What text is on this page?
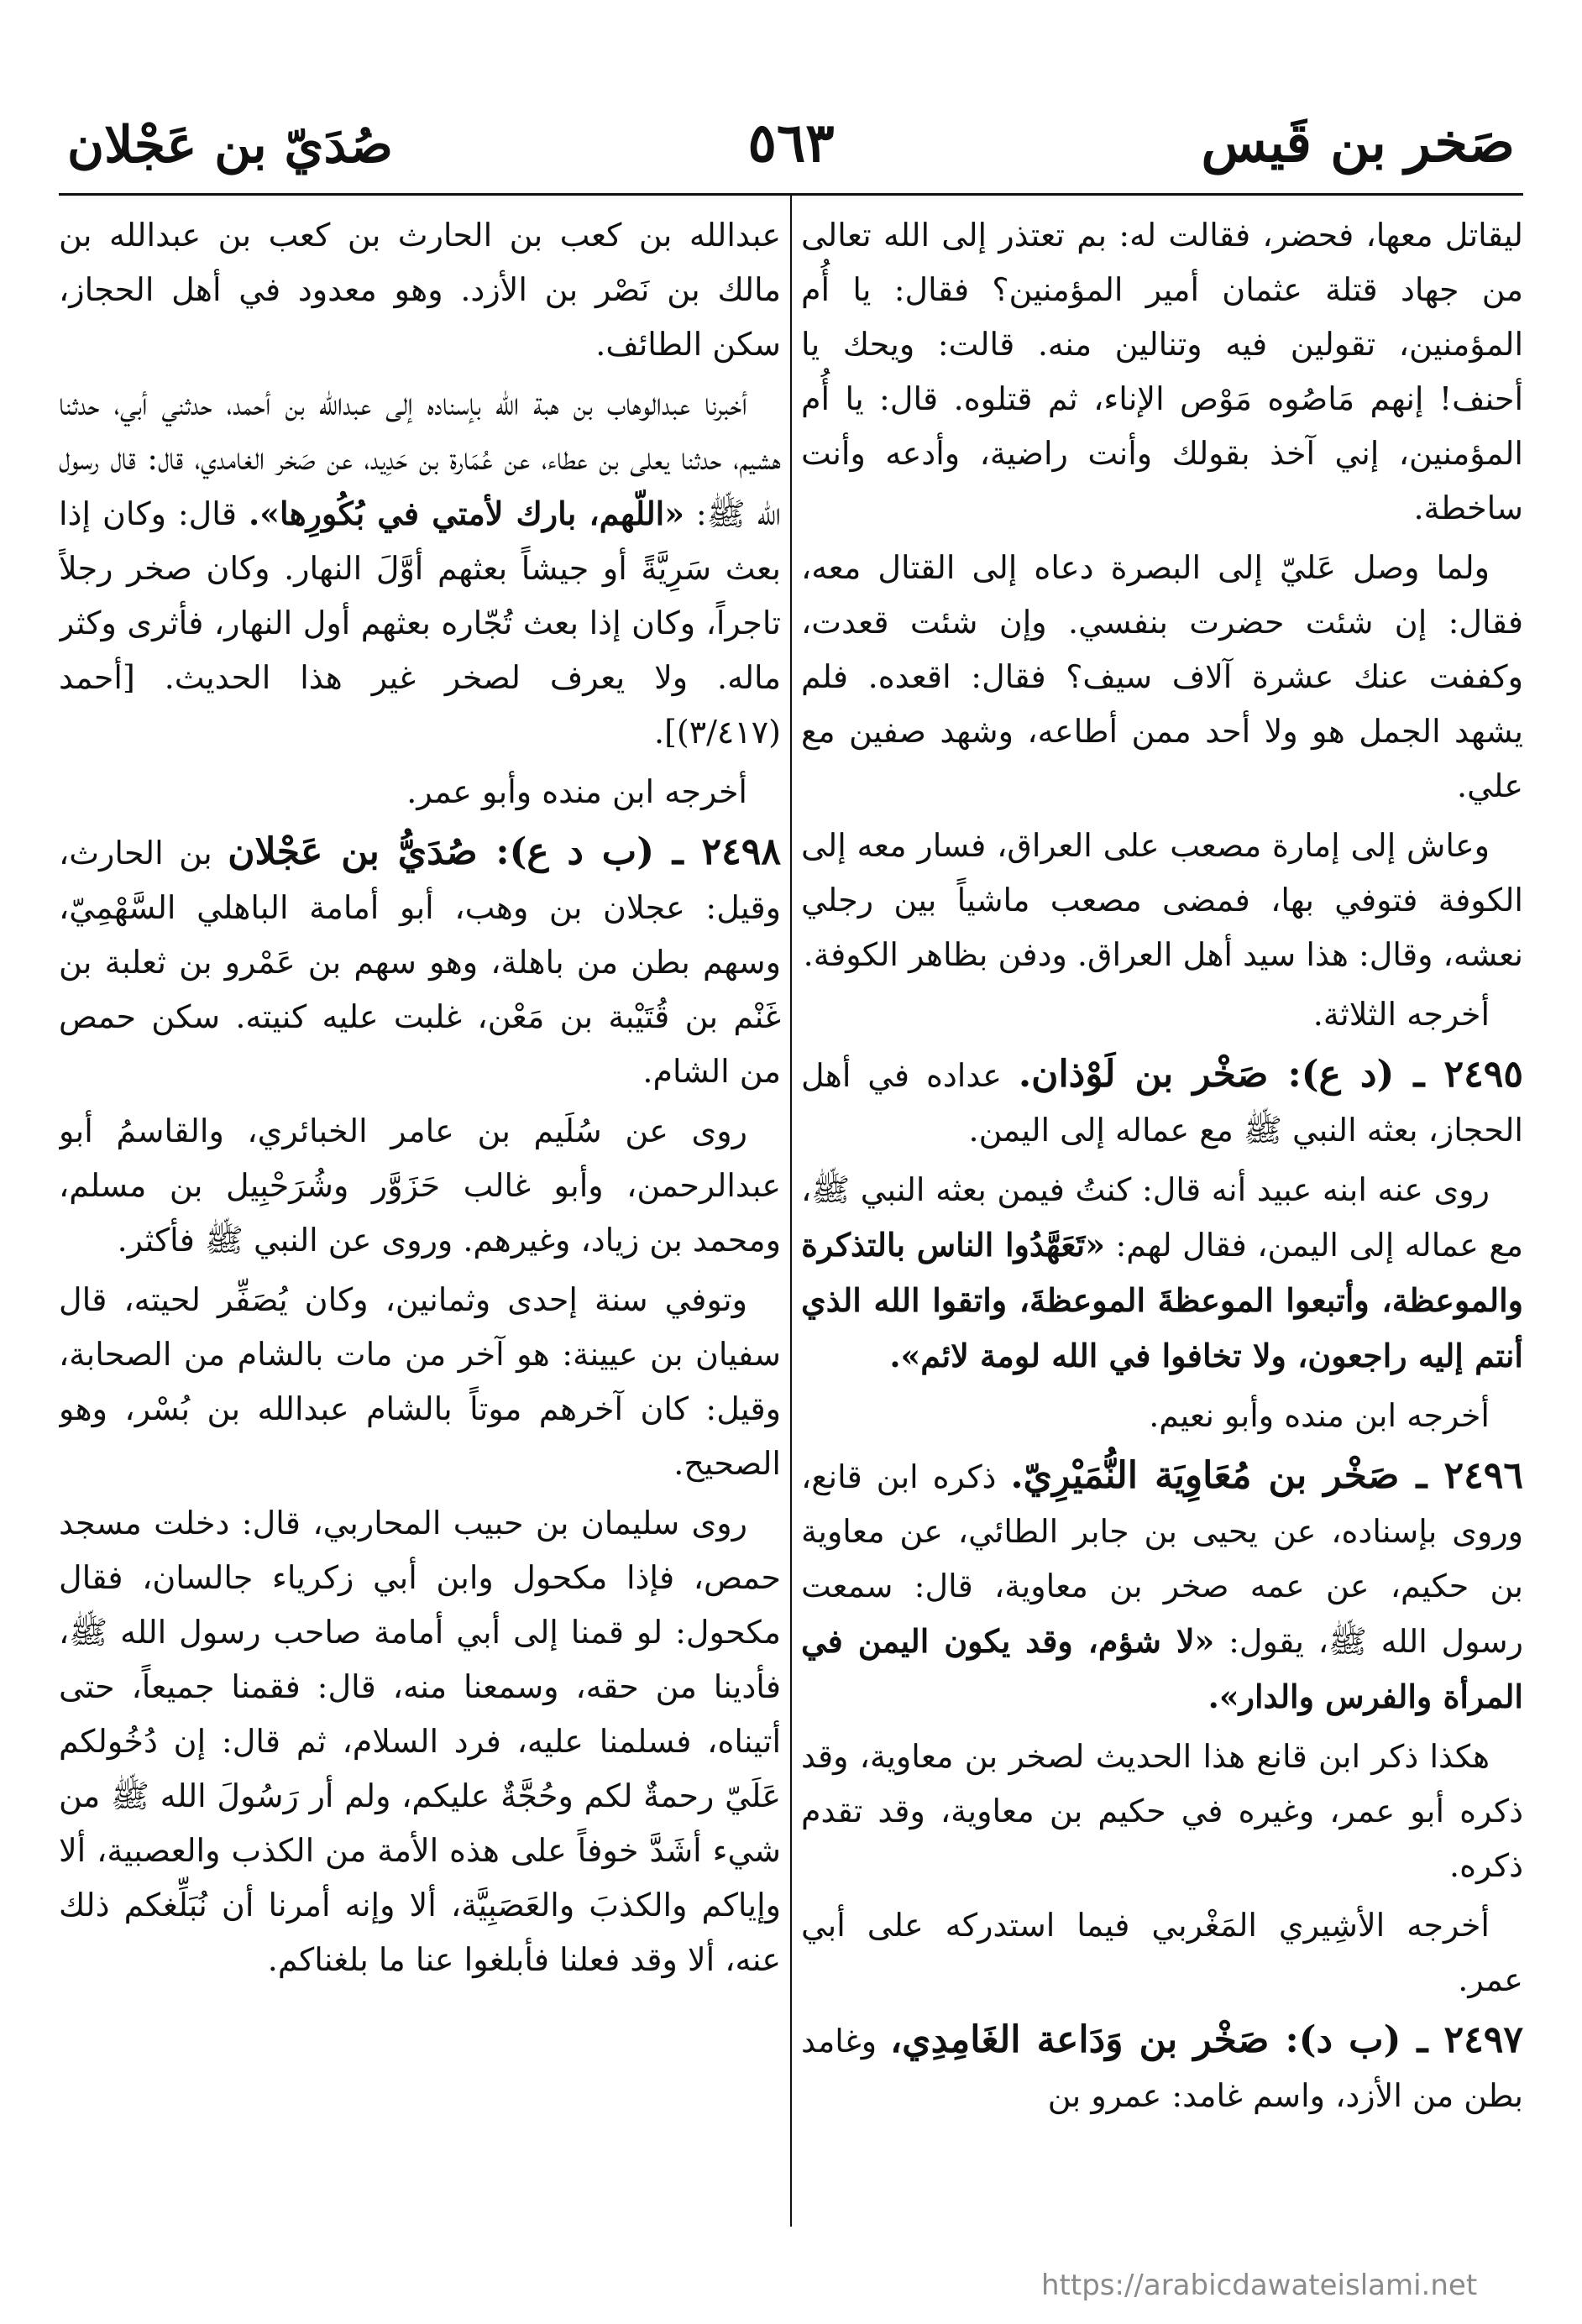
صَخر بن قَيس
٥٦٣
صُدَيّ بن عَجْلان

ليقاتل معها، فحضر، فقالت له: بم تعتذر إلى الله تعالى من جهاد قتلة عثمان أمير المؤمنين؟ فقال: يا أُم المؤمنين، تقولين فيه وتنالين منه. قالت: ويحك يا أحنف! إنهم مَاصُوه مَوْص الإناء، ثم قتلوه. قال: يا أُم المؤمنين، إني آخذ بقولك وأنت راضية، وأدعه وأنت ساخطة.

ولما وصل عَليّ إلى البصرة دعاه إلى القتال معه، فقال: إن شئت حضرت بنفسي. وإن شئت قعدت، وكففت عنك عشرة آلاف سيف؟ فقال: اقعده. فلم يشهد الجمل هو ولا أحد ممن أطاعه، وشهد صفين مع علي.

وعاش إلى إمارة مصعب على العراق، فسار معه إلى الكوفة فتوفي بها، فمضى مصعب ماشياً بين رجلي نعشه، وقال: هذا سيد أهل العراق. ودفن بظاهر الكوفة.

أخرجه الثلاثة.

٢٤٩٥ ـ (د ع): صَخْر بن لَوْذان. عداده في أهل الحجاز، بعثه النبي ﷺ مع عماله إلى اليمن.

روى عنه ابنه عبيد أنه قال: كنتُ فيمن بعثه النبي ﷺ، مع عماله إلى اليمن، فقال لهم: «تَعَهَّدُوا الناس بالتذكرة والموعظة، وأتبعوا الموعظةَ الموعظةَ، واتقوا الله الذي أنتم إليه راجعون، ولا تخافوا في الله لومة لائم».

أخرجه ابن منده وأبو نعيم.

٢٤٩٦ ـ صَخْر بن مُعَاوِيَة النُّمَيْرِيّ. ذكره ابن قانع، وروى بإسناده، عن يحيى بن جابر الطائي، عن معاوية بن حكيم، عن عمه صخر بن معاوية، قال: سمعت رسول الله ﷺ، يقول: «لا شؤم، وقد يكون اليمن في المرأة والفرس والدار».

هكذا ذكر ابن قانع هذا الحديث لصخر بن معاوية، وقد ذكره أبو عمر، وغيره في حكيم بن معاوية، وقد تقدم ذكره.

أخرجه الأشِيري المَغْربي فيما استدركه على أبي عمر.

٢٤٩٧ ـ (ب د): صَخْر بن وَدَاعة الغَامِدِي، وغامد بطن من الأزد، واسم غامد: عمرو بن

عبدالله بن كعب بن الحارث بن كعب بن عبدالله بن مالك بن نَصْر بن الأزد. وهو معدود في أهل الحجاز، سكن الطائف.

أخبرنا عبدالوهاب بن هبة الله بإسناده إلى عبدالله بن أحمد، حدثني أبي، حدثنا هشيم، حدثنا يعلى بن عطاء، عن عُمَارة بن حَدِيد، عن صَخر الغامدي، قال: قال رسول الله ﷺ: «اللّهم، بارك لأمتي في بُكُورِها». قال: وكان إذا بعث سَرِيَّةً أو جيشاً بعثهم أوَّلَ النهار. وكان صخر رجلاً تاجراً، وكان إذا بعث تُجّاره بعثهم أول النهار، فأثرى وكثر ماله. ولا يعرف لصخر غير هذا الحديث. [أحمد (٣/٤١٧)].

أخرجه ابن منده وأبو عمر.

٢٤٩٨ ـ (ب د ع): صُدَيُّ بن عَجْلان بن الحارث، وقيل: عجلان بن وهب، أبو أمامة الباهلي السَّهْمِيّ، وسهم بطن من باهلة، وهو سهم بن عَمْرو بن ثعلبة بن غَنْم بن قُتَيْبة بن مَعْن، غلبت عليه كنيته. سكن حمص من الشام.

روى عن سُلَيم بن عامر الخبائري، والقاسمُ أبو عبدالرحمن، وأبو غالب حَزَوَّر وشُرَحْبِيل بن مسلم، ومحمد بن زياد، وغيرهم. وروى عن النبي ﷺ فأكثر.

وتوفي سنة إحدى وثمانين، وكان يُصَفِّر لحيته، قال سفيان بن عيينة: هو آخر من مات بالشام من الصحابة، وقيل: كان آخرهم موتاً بالشام عبدالله بن بُسْر، وهو الصحيح.

روى سليمان بن حبيب المحاربي، قال: دخلت مسجد حمص، فإذا مكحول وابن أبي زكرياء جالسان، فقال مكحول: لو قمنا إلى أبي أمامة صاحب رسول الله ﷺ، فأدينا من حقه، وسمعنا منه، قال: فقمنا جميعاً، حتى أتيناه، فسلمنا عليه، فرد السلام، ثم قال: إن دُخُولكم عَلَيّ رحمةٌ لكم وحُجَّةٌ عليكم، ولم أر رَسُولَ الله ﷺ من شيء أشَدَّ خوفاً على هذه الأمة من الكذب والعصبية، ألا وإياكم والكذبَ والعَصَبِيَّة، ألا وإنه أمرنا أن نُبَلِّغكم ذلك عنه، ألا وقد فعلنا فأبلغوا عنا ما بلغناكم.

https://arabicdawateislami.net
